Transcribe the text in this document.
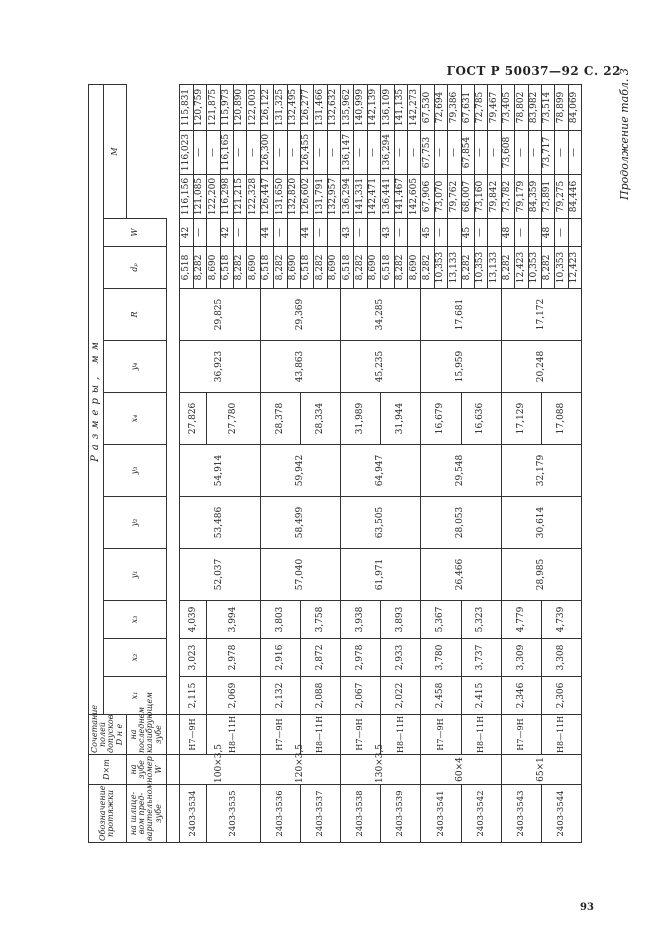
ГОСТ Р 50037—92 С. 22
Продолжение табл. 3
Обозначение протяжки	D×m	Сочетание полей допусков D н е	Размеры, мм													
			x₁	x₂	x₃	y₁	y₂	y₃	x₄	y₄	R	dₚ	W	M		
на шлице-вом пред-варительном зубе	на зубе номер W	на последнем калибрующем зубе														

2403-3534	100×3,5	H7—9H	2,115	3,023	4,039	52,037	53,486	54,914	27,826	36,923	29,825	6,518	42	116,156	116,023	115,831
												8,282	—	121,085	—	120,759
2403-3535		H8—11H	2,069	2,978	3,994				27,780			8,690		122,200	—	121,875
												6,518	42	116,298	116,165	115,973
												8,282	—	121,215	—	120,890
												8,690		122,328	—	122,003
2403-3536	120×3,5	H7—9H	2,132	2,916	3,803	57,040	58,499	59,942	28,378	43,863	29,369	6,518	44	126,447	126,300	126,122
												8,282	—	131,650	—	131,325
												8,690		132,820	—	132,495
2403-3537		H8—11H	2,088	2,872	3,758				28,334			6,518	44	126,602	126,455	126,277
												8,282	—	131,791	—	131,466
												8,690		132,957	—	132,632
2403-3538	130×3,5	H7—9H	2,067	2,978	3,938	61,971	63,505	64,947	31,989	45,235	34,285	6,518	43	136,294	136,147	135,962
												8,282	—	141,331	—	140,999
												8,690		142,471	—	142,139
2403-3539		H8—11H	2,022	2,933	3,893				31,944			6,518	43	136,441	136,294	136,109
												8,282	—	141,467	—	141,135
												8,690		142,605	—	142,273
2403-3541	60×4	H7—9H	2,458	3,780	5,367	26,466	28,053	29,548	16,679	15,959	17,681	8,282	45	67,906	67,753	67,530
												10,353	—	73,070	—	72,694
												13,133		79,762	—	79,386
2403-3542		H8—11H	2,415	3,737	5,323				16,636			8,282	45	68,007	67,854	67,631
												10,353	—	73,160	—	72,785
												13,133		79,842	—	79,467
2403-3543	65×1	H7—9H	2,346	3,309	4,779	28,985	30,614	32,179	17,129	20,248	17,172	8,282	48	73,782	73,608	73,405
												12,423	—	79,179	—	78,802
												10,353		84,359	—	83,982
2403-3544		H8—11H	2,306	3,308	4,739				17,088			8,282	48	73,891	73,717	73,514
												10,353	—	79,275	—	78,899
												12,423		84,446	—	84,069
93
